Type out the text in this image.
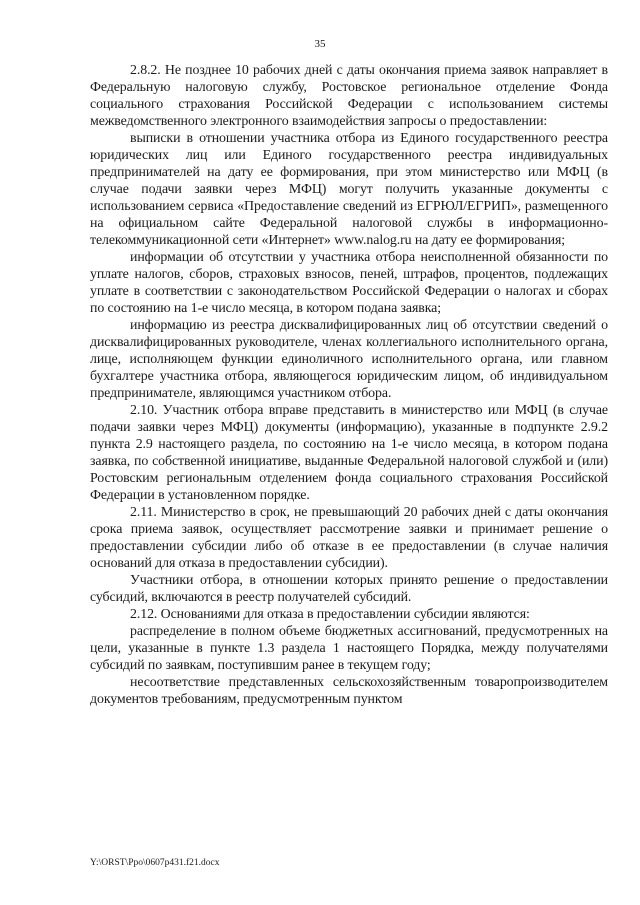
35

2.8.2. Не позднее 10 рабочих дней с даты окончания приема заявок направляет в Федеральную налоговую службу, Ростовское региональное отделение Фонда социального страхования Российской Федерации с использованием системы межведомственного электронного взаимодействия запросы о предоставлении:

выписки в отношении участника отбора из Единого государственного реестра юридических лиц или Единого государственного реестра индивидуальных предпринимателей на дату ее формирования, при этом министерство или МФЦ (в случае подачи заявки через МФЦ) могут получить указанные документы с использованием сервиса «Предоставление сведений из ЕГРЮЛ/ЕГРИП», размещенного на официальном сайте Федеральной налоговой службы в информационно-телекоммуникационной сети «Интернет» www.nalog.ru на дату ее формирования;

информации об отсутствии у участника отбора неисполненной обязанности по уплате налогов, сборов, страховых взносов, пеней, штрафов, процентов, подлежащих уплате в соответствии с законодательством Российской Федерации о налогах и сборах по состоянию на 1-е число месяца, в котором подана заявка;

информацию из реестра дисквалифицированных лиц об отсутствии сведений о дисквалифицированных руководителе, членах коллегиального исполнительного органа, лице, исполняющем функции единоличного исполнительного органа, или главном бухгалтере участника отбора, являющегося юридическим лицом, об индивидуальном предпринимателе, являющимся участником отбора.

2.10. Участник отбора вправе представить в министерство или МФЦ (в случае подачи заявки через МФЦ) документы (информацию), указанные в подпункте 2.9.2 пункта 2.9 настоящего раздела, по состоянию на 1-е число месяца, в котором подана заявка, по собственной инициативе, выданные Федеральной налоговой службой и (или) Ростовским региональным отделением фонда социального страхования Российской Федерации в установленном порядке.

2.11. Министерство в срок, не превышающий 20 рабочих дней с даты окончания срока приема заявок, осуществляет рассмотрение заявки и принимает решение о предоставлении субсидии либо об отказе в ее предоставлении (в случае наличия оснований для отказа в предоставлении субсидии).

Участники отбора, в отношении которых принято решение о предоставлении субсидий, включаются в реестр получателей субсидий.

2.12. Основаниями для отказа в предоставлении субсидии являются:

распределение в полном объеме бюджетных ассигнований, предусмотренных на цели, указанные в пункте 1.3 раздела 1 настоящего Порядка, между получателями субсидий по заявкам, поступившим ранее в текущем году;

несоответствие представленных сельскохозяйственным товаропроизводителем документов требованиям, предусмотренным пунктом

Y:\ORST\Ppo\0607p431.f21.docx
